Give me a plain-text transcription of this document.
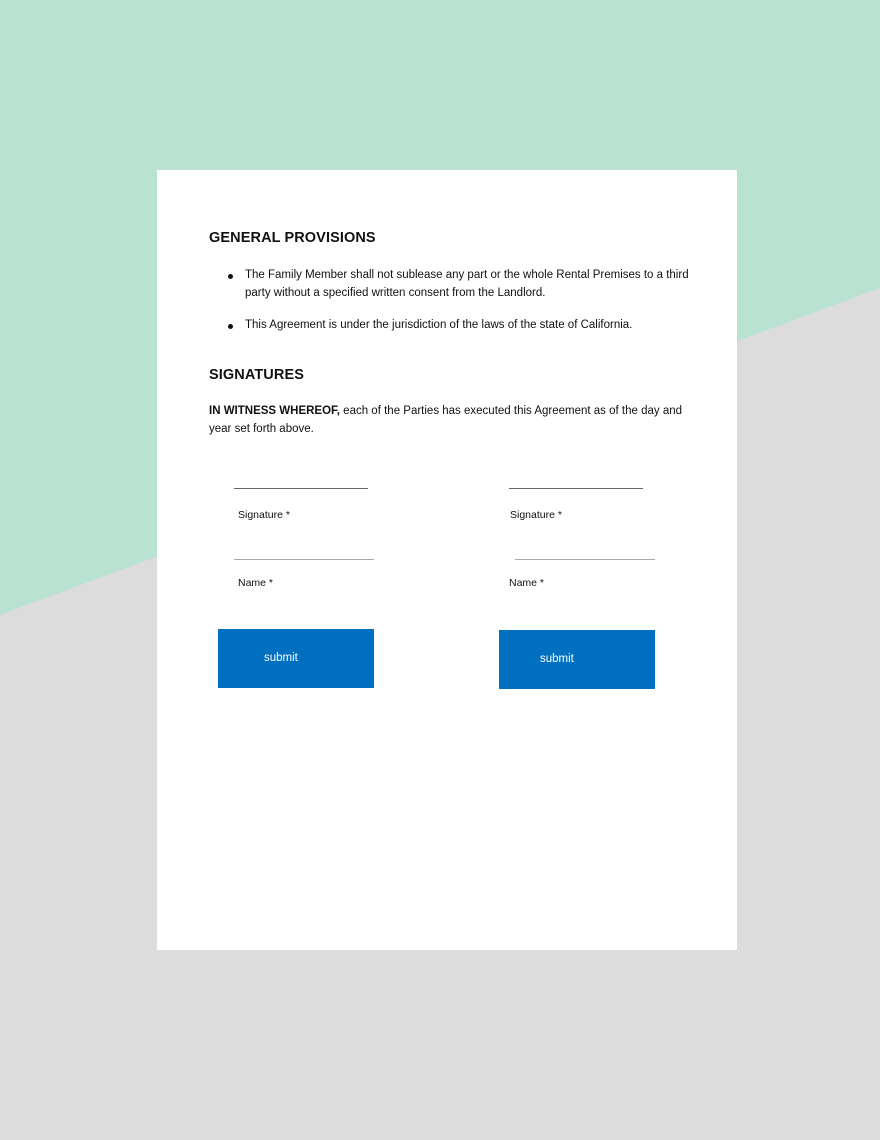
GENERAL PROVISIONS
The Family Member shall not sublease any part or the whole Rental Premises to a third party without a specified written consent from the Landlord.
This Agreement is under the jurisdiction of the laws of the state of California.
SIGNATURES

IN WITNESS WHEREOF, each of the Parties has executed this Agreement as of the day and year set forth above.

Signature *
Name *
submit
Signature *
Name *
submit
